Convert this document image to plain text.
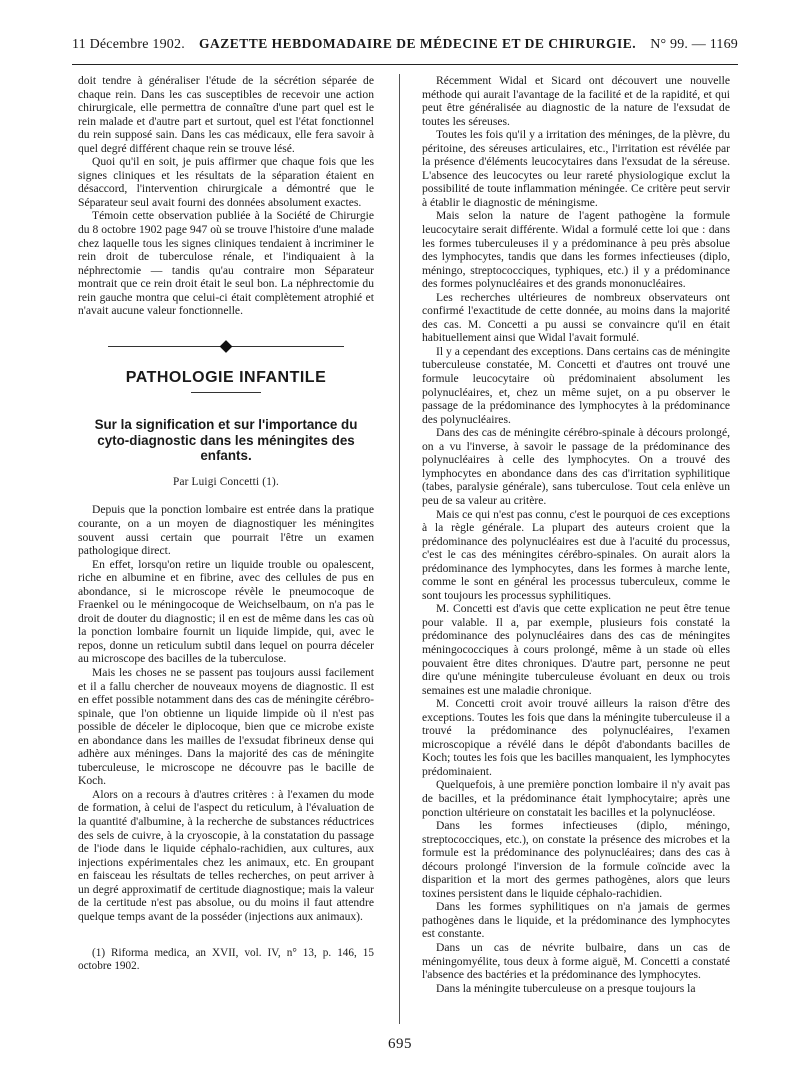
11 Décembre 1902. GAZETTE HEBDOMADAIRE DE MÉDECINE ET DE CHIRURGIE. N° 99. — 1169

doit tendre à généraliser l'étude de la sécrétion séparée de chaque rein. Dans les cas susceptibles de recevoir une action chirurgicale, elle permettra de connaître d'une part quel est le rein malade et d'autre part et surtout, quel est l'état fonctionnel du rein supposé sain. Dans les cas médicaux, elle fera savoir à quel degré différent chaque rein se trouve lésé.

Quoi qu'il en soit, je puis affirmer que chaque fois que les signes cliniques et les résultats de la séparation étaient en désaccord, l'intervention chirurgicale a démontré que le Séparateur seul avait fourni des données absolument exactes.

Témoin cette observation publiée à la Société de Chirurgie du 8 octobre 1902 page 947 où se trouve l'histoire d'une malade chez laquelle tous les signes cliniques tendaient à incriminer le rein droit de tuberculose rénale, et l'indiquaient à la néphrectomie — tandis qu'au contraire mon Séparateur montrait que ce rein droit était le seul bon. La néphrectomie du rein gauche montra que celui-ci était complètement atrophié et n'avait aucune valeur fonctionnelle.

PATHOLOGIE INFANTILE
Sur la signification et sur l'importance du cyto-diagnostic dans les méningites des enfants.
Par Luigi Concetti (1).

Depuis que la ponction lombaire est entrée dans la pratique courante, on a un moyen de diagnostiquer les méningites souvent aussi certain que pourrait l'être un examen pathologique direct.

En effet, lorsqu'on retire un liquide trouble ou opalescent, riche en albumine et en fibrine, avec des cellules de pus en abondance, si le microscope révèle le pneumocoque de Fraenkel ou le méningocoque de Weichselbaum, on n'a pas le droit de douter du diagnostic; il en est de même dans les cas où la ponction lombaire fournit un liquide limpide, qui, avec le repos, donne un reticulum subtil dans lequel on pourra déceler au microscope des bacilles de la tuberculose.

Mais les choses ne se passent pas toujours aussi facilement et il a fallu chercher de nouveaux moyens de diagnostic. Il est en effet possible notamment dans des cas de méningite cérébro-spinale, que l'on obtienne un liquide limpide où il n'est pas possible de déceler le diplocoque, bien que ce microbe existe en abondance dans les mailles de l'exsudat fibrineux dense qui adhère aux méninges. Dans la majorité des cas de méningite tuberculeuse, le microscope ne découvre pas le bacille de Koch.

Alors on a recours à d'autres critères : à l'examen du mode de formation, à celui de l'aspect du reticulum, à l'évaluation de la quantité d'albumine, à la recherche de substances réductrices des sels de cuivre, à la cryoscopie, à la constatation du passage de l'iode dans le liquide céphalo-rachidien, aux cultures, aux injections expérimentales chez les animaux, etc. En groupant en faisceau les résultats de telles recherches, on peut arriver à un degré approximatif de certitude diagnostique; mais la valeur de la certitude n'est pas absolue, ou du moins il faut attendre quelque temps avant de la posséder (injections aux animaux).

(1) Riforma medica, an XVII, vol. IV, n° 13, p. 146, 15 octobre 1902.

Récemment Widal et Sicard ont découvert une nouvelle méthode qui aurait l'avantage de la facilité et de la rapidité, et qui peut être généralisée au diagnostic de la nature de l'exsudat de toutes les séreuses.

Toutes les fois qu'il y a irritation des méninges, de la plèvre, du péritoine, des séreuses articulaires, etc., l'irritation est révélée par la présence d'éléments leucocytaires dans l'exsudat de la séreuse. L'absence des leucocytes ou leur rareté physiologique exclut la possibilité de toute inflammation méningée. Ce critère peut servir à établir le diagnostic de méningisme.

Mais selon la nature de l'agent pathogène la formule leucocytaire serait différente. Widal a formulé cette loi que : dans les formes tuberculeuses il y a prédominance à peu près absolue des lymphocytes, tandis que dans les formes infectieuses (diplo, méningo, streptococciques, typhiques, etc.) il y a prédominance des formes polynucléaires et des grands mononucléaires.

Les recherches ultérieures de nombreux observateurs ont confirmé l'exactitude de cette donnée, au moins dans la majorité des cas. M. Concetti a pu aussi se convaincre qu'il en était habituellement ainsi que Widal l'avait formulé.

Il y a cependant des exceptions. Dans certains cas de méningite tuberculeuse constatée, M. Concetti et d'autres ont trouvé une formule leucocytaire où prédominaient absolument les polynucléaires, et, chez un même sujet, on a pu observer le passage de la prédominance des lymphocytes à la prédominance des polynucléaires.

Dans des cas de méningite cérébro-spinale à décours prolongé, on a vu l'inverse, à savoir le passage de la prédominance des polynucléaires à celle des lymphocytes. On a trouvé des lymphocytes en abondance dans des cas d'irritation syphilitique (tabes, paralysie générale), sans tuberculose. Tout cela enlève un peu de sa valeur au critère.

Mais ce qui n'est pas connu, c'est le pourquoi de ces exceptions à la règle générale. La plupart des auteurs croient que la prédominance des polynucléaires est due à l'acuité du processus, c'est le cas des méningites cérébro-spinales. On aurait alors la prédominance des lymphocytes, dans les formes à marche lente, comme le sont en général les processus tuberculeux, comme le sont toujours les processus syphilitiques.

M. Concetti est d'avis que cette explication ne peut être tenue pour valable. Il a, par exemple, plusieurs fois constaté la prédominance des polynucléaires dans des cas de méningites méningococciques à cours prolongé, même à un stade où elles pouvaient être dites chroniques. D'autre part, personne ne peut dire qu'une méningite tuberculeuse évoluant en deux ou trois semaines est une maladie chronique.

M. Concetti croit avoir trouvé ailleurs la raison d'être des exceptions. Toutes les fois que dans la méningite tuberculeuse il a trouvé la prédominance des polynucléaires, l'examen microscopique a révélé dans le dépôt d'abondants bacilles de Koch; toutes les fois que les bacilles manquaient, les lymphocytes prédominaient.

Quelquefois, à une première ponction lombaire il n'y avait pas de bacilles, et la prédominance était lymphocytaire; après une ponction ultérieure on constatait les bacilles et la polynucléose.

Dans les formes infectieuses (diplo, méningo, streptococciques, etc.), on constate la présence des microbes et la formule est la prédominance des polynucléaires; dans des cas à décours prolongé l'inversion de la formule coïncide avec la disparition et la mort des germes pathogènes, alors que leurs toxines persistent dans le liquide céphalo-rachidien.

Dans les formes syphilitiques on n'a jamais de germes pathogènes dans le liquide, et la prédominance des lymphocytes est constante.

Dans un cas de névrite bulbaire, dans un cas de méningomyélite, tous deux à forme aiguë, M. Concetti a constaté l'absence des bactéries et la prédominance des lymphocytes.

Dans la méningite tuberculeuse on a presque toujours la

695
